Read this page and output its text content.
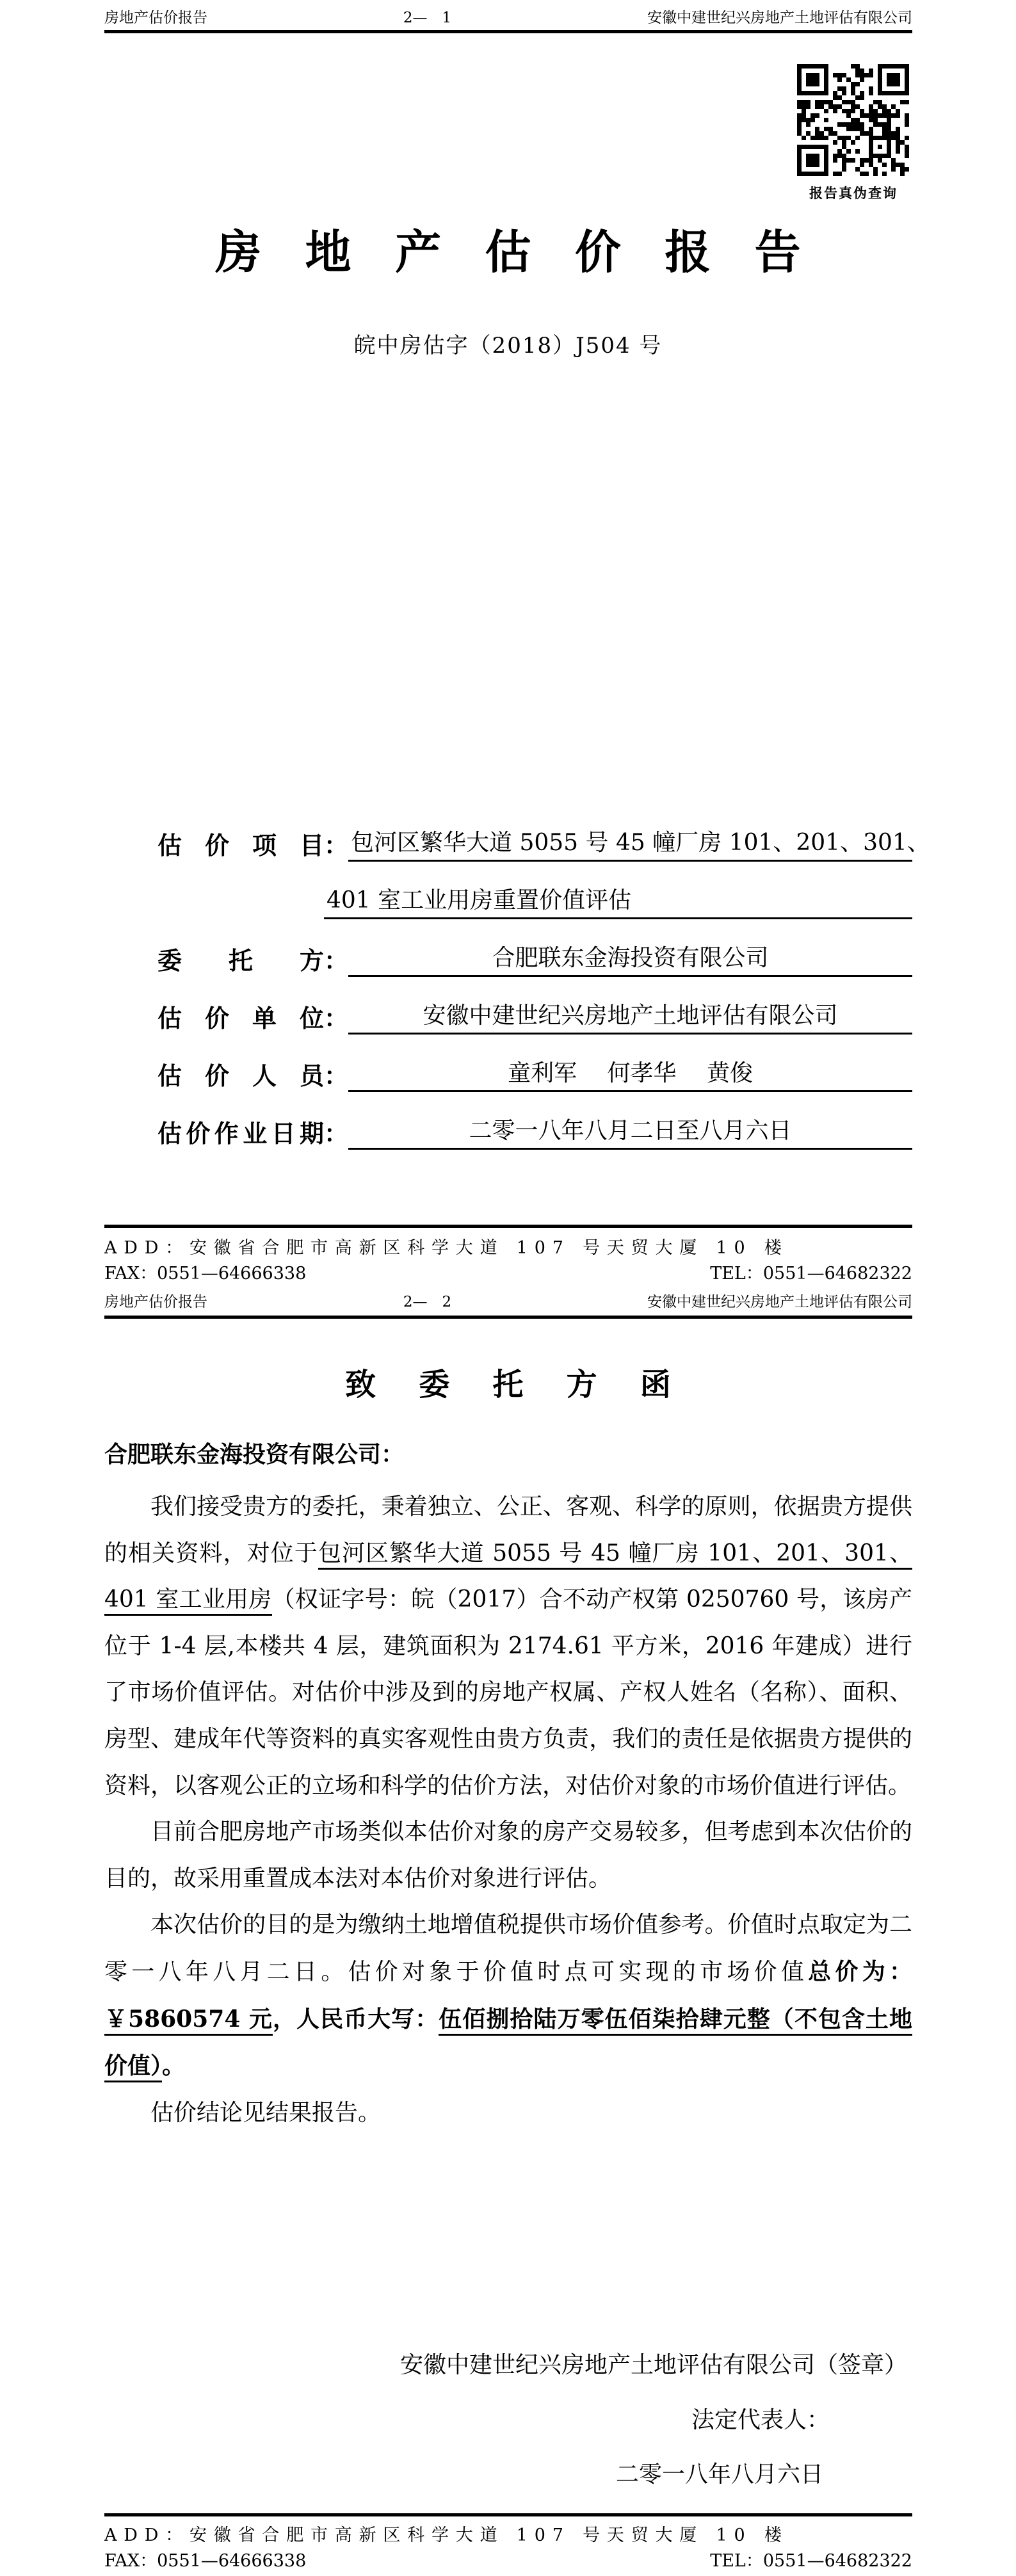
房地产估价报告	2—　1	安徽中建世纪兴房地产土地评估有限公司
报告真伪查询
房地产估价报告
皖中房估字（2018）J504 号
估价项目 ： 包河区繁华大道 5055 号 45 幢厂房 101、201、301、
401 室工业用房重置价值评估
委托方 ：	合肥联东金海投资有限公司
估价单位 ：	安徽中建世纪兴房地产土地评估有限公司
估价人员 ：	童利军　 何孝华　 黄俊
估价作业日期 ：	二零一八年八月二日至八月六日
ADD：安徽省合肥市高新区科学大道 107 号天贸大厦 10 楼
FAX：0551—64666338	TEL：0551—64682322
房地产估价报告	2—　2	安徽中建世纪兴房地产土地评估有限公司
致委托方函
合肥联东金海投资有限公司：

我们接受贵方的委托，秉着独立、公正、客观、科学的原则，依据贵方提供的相关资料，对位于包河区繁华大道 5055 号 45 幢厂房 101、201、301、401 室工业用房（权证字号：皖（2017）合不动产权第 0250760 号，该房产位于 1-4 层,本楼共 4 层，建筑面积为 2174.61 平方米，2016 年建成）进行了市场价值评估。对估价中涉及到的房地产权属、产权人姓名（名称）、面积、房型、建成年代等资料的真实客观性由贵方负责，我们的责任是依据贵方提供的资料，以客观公正的立场和科学的估价方法，对估价对象的市场价值进行评估。

目前合肥房地产市场类似本估价对象的房产交易较多，但考虑到本次估价的目的，故采用重置成本法对本估价对象进行评估。

本次估价的目的是为缴纳土地增值税提供市场价值参考。价值时点取定为二零一八年八月二日。估价对象于价值时点可实现的市场价值总价为：￥5860574 元，人民币大写：伍佰捌拾陆万零伍佰柒拾肆元整（不包含土地价值）。

估价结论见结果报告。

安徽中建世纪兴房地产土地评估有限公司（签章）
法定代表人：
二零一八年八月六日
ADD：安徽省合肥市高新区科学大道 107 号天贸大厦 10 楼
FAX：0551—64666338	TEL：0551—64682322
